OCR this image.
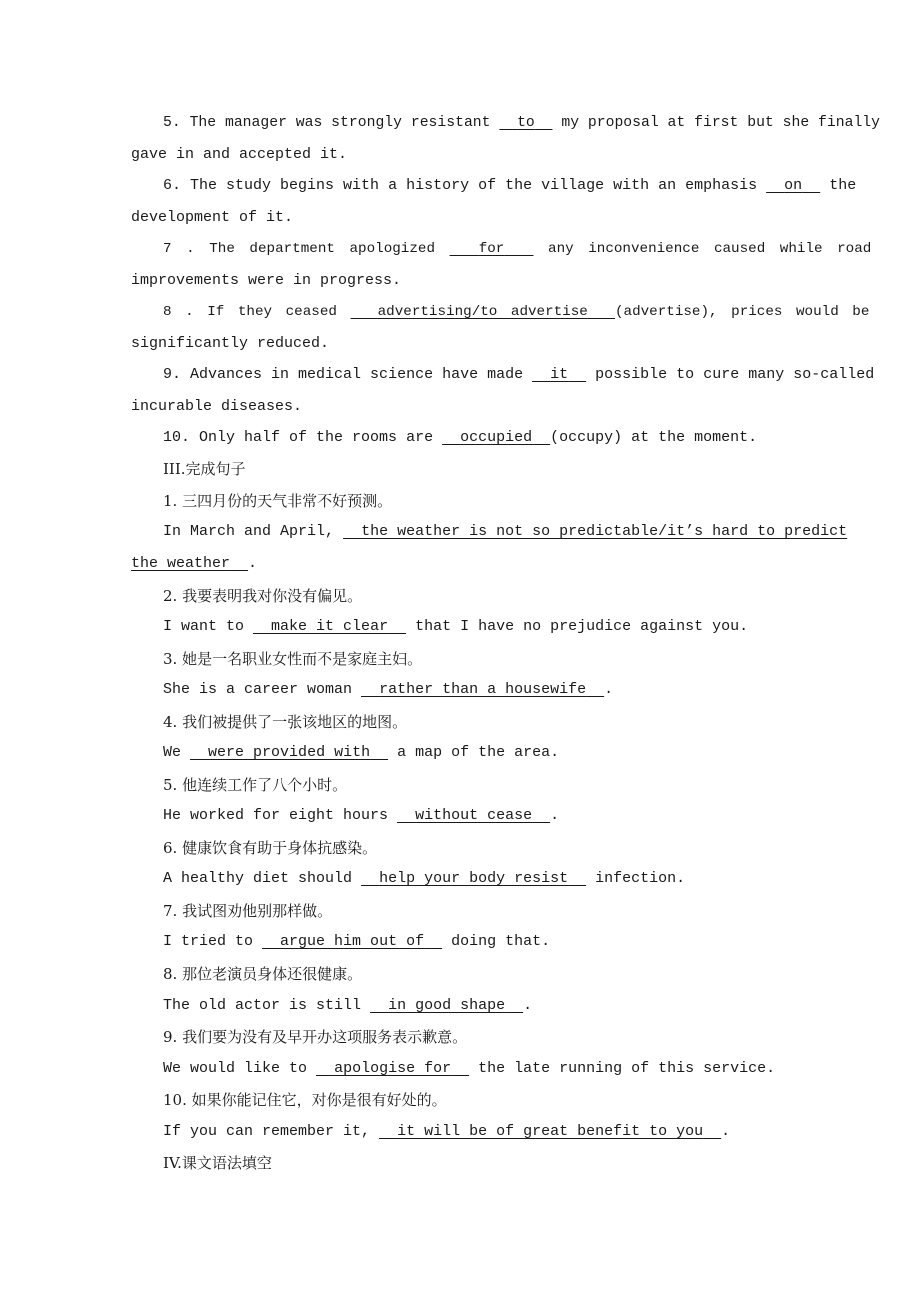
5. The manager was strongly resistant to my proposal at first but she finally
gave in and accepted it.
6. The study begins with a history of the village with an emphasis on the
development of it.
7 . The department apologized	for	any inconvenience caused while road
improvements were in progress.
8 . If they ceased	advertising/to advertise (advertise), prices would be
significantly reduced.
9. Advances in medical science have made it possible to cure many so-called
incurable diseases.
10. Only half of the rooms are occupied (occupy) at the moment.
III.完成句子
1. 三四月份的天气非常不好预测。
In March and April, the weather is not so predictable/it’s hard to predict
the weather .
2. 我要表明我对你没有偏见。
I want to make it clear that I have no prejudice against you.
3. 她是一名职业女性而不是家庭主妇。
She is a career woman rather than a housewife .
4. 我们被提供了一张该地区的地图。
We were provided with a map of the area.
5. 他连续工作了八个小时。
He worked for eight hours without cease .
6. 健康饮食有助于身体抗感染。
A healthy diet should help your body resist infection.
7. 我试图劝他别那样做。
I tried to argue him out of doing that.
8. 那位老演员身体还很健康。
The old actor is still in good shape .
9. 我们要为没有及早开办这项服务表示歉意。
We would like to apologise for the late running of this service.
10. 如果你能记住它，对你是很有好处的。
If you can remember it, it will be of great benefit to you .
IV.课文语法填空
